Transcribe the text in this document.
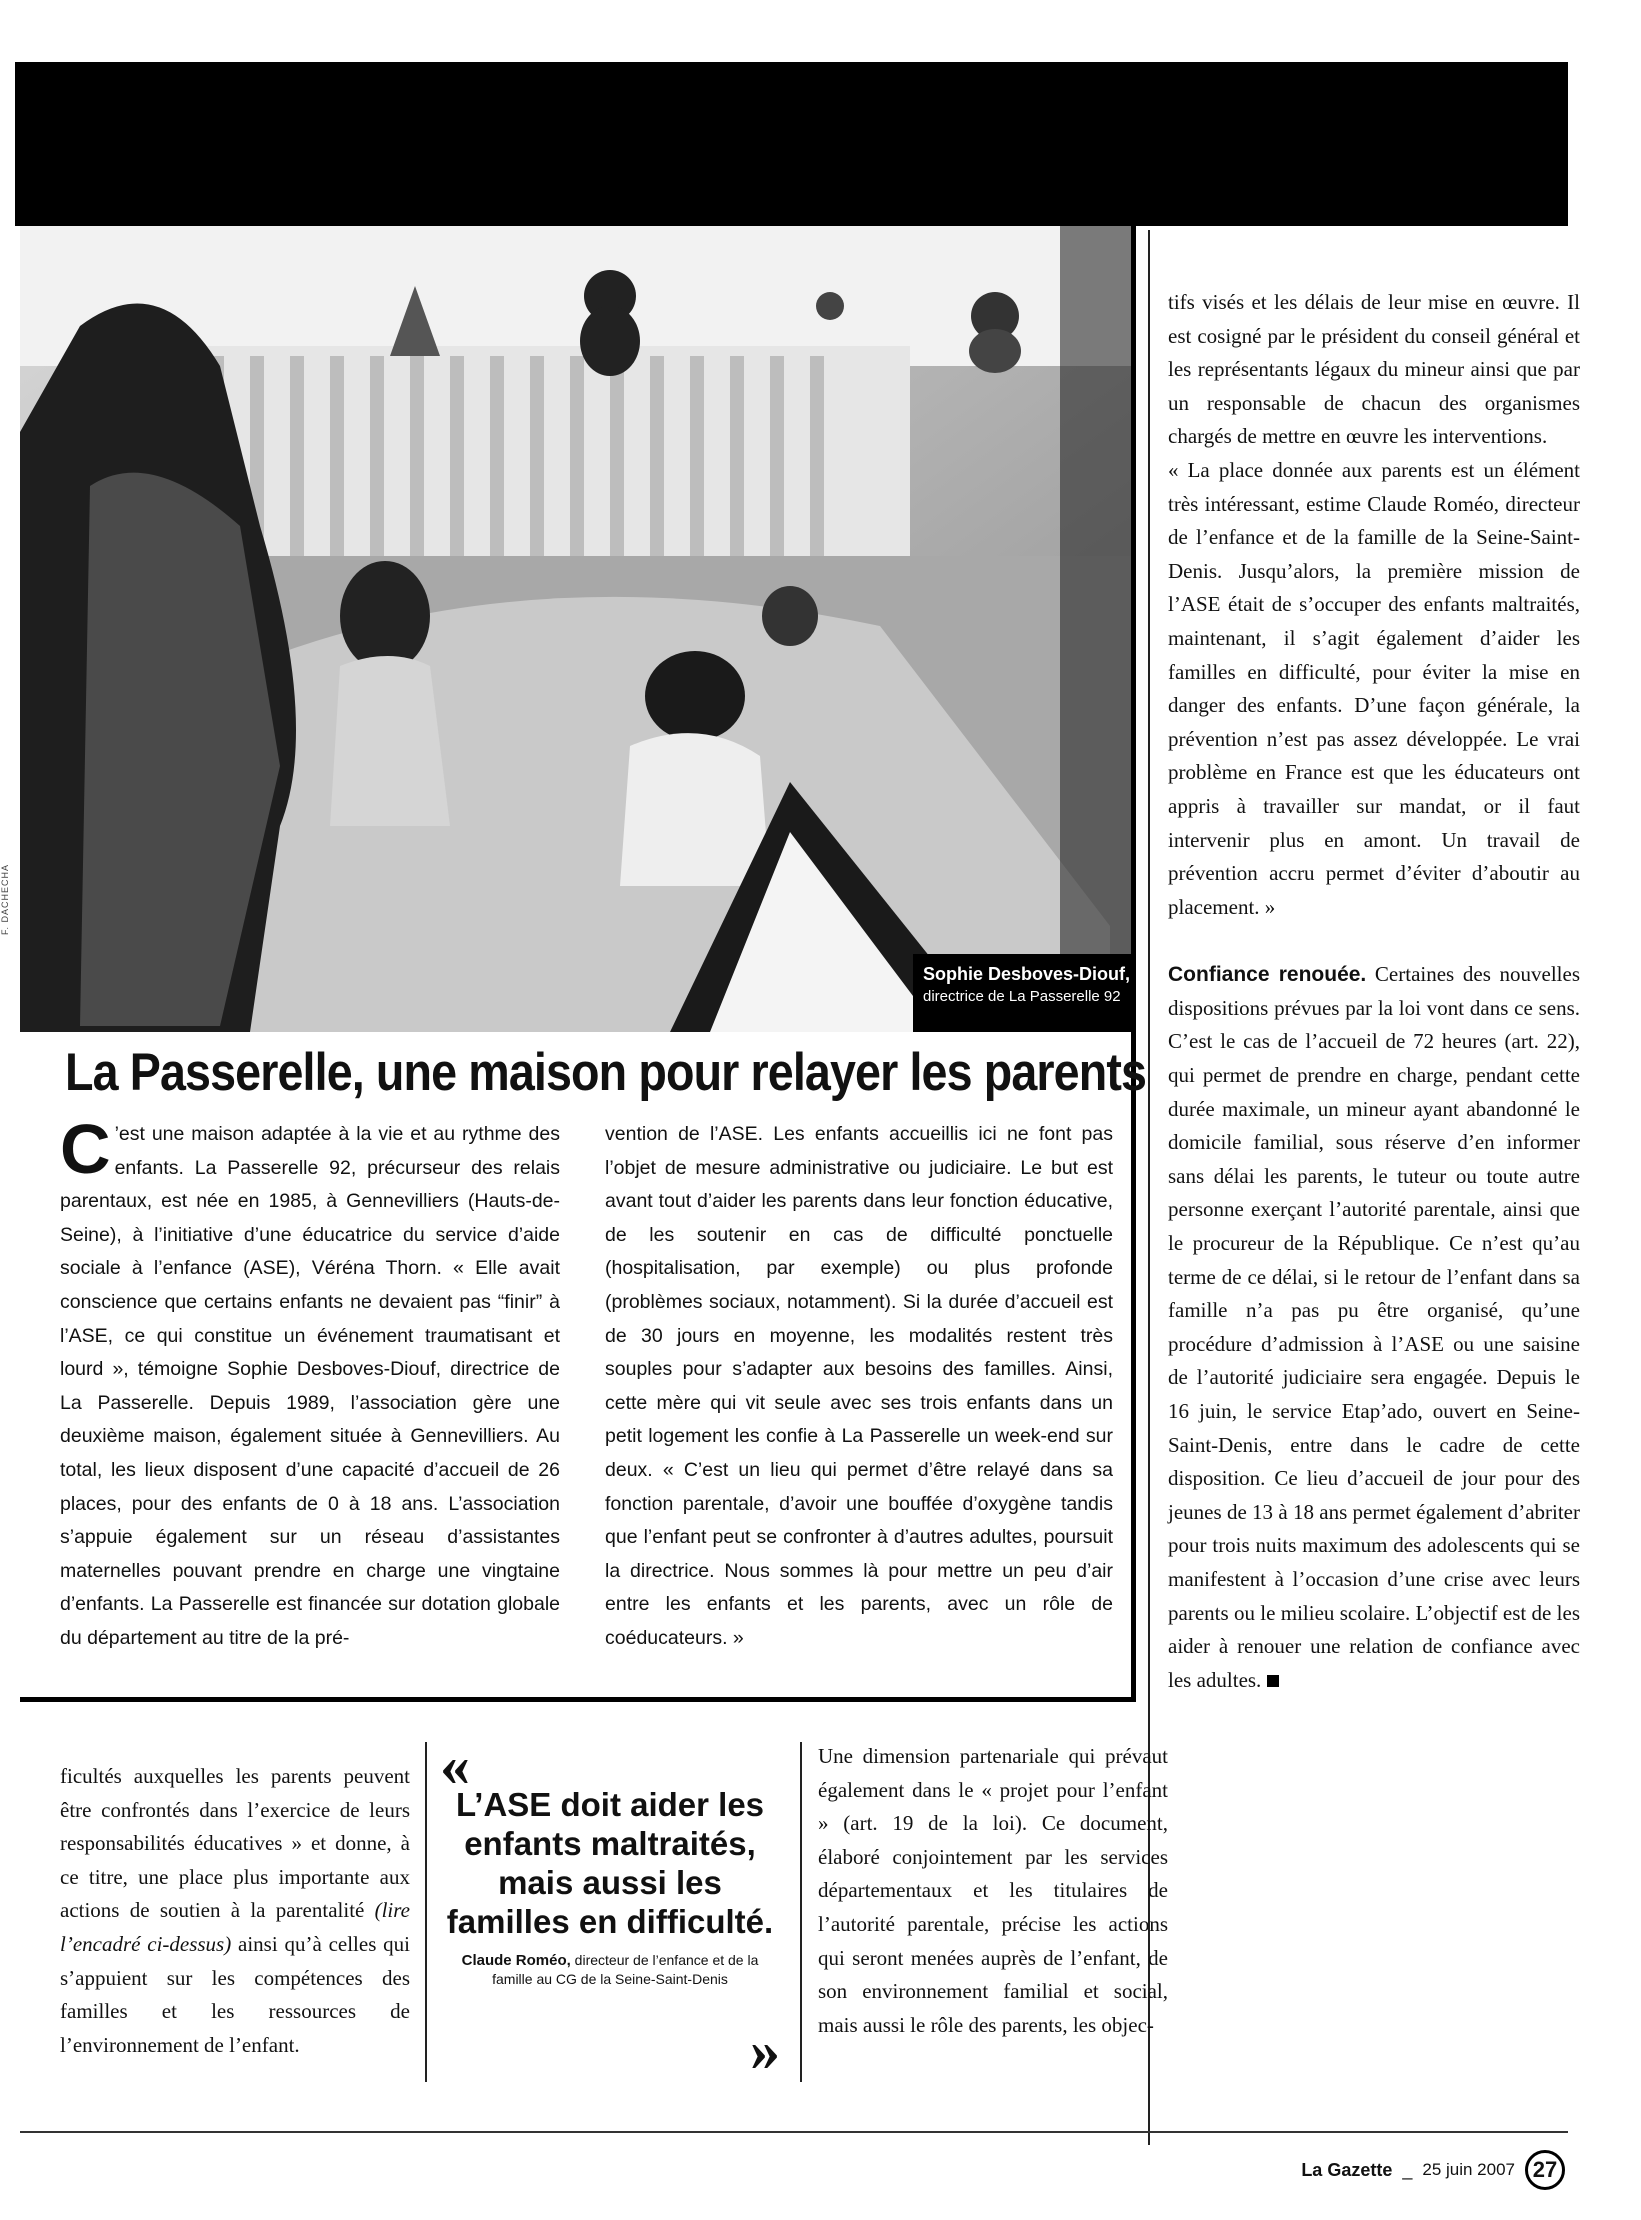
Sophie Desboves-Diouf,
directrice de La Passerelle 92
F. DACHECHA
La Passerelle, une maison pour relayer les parents

C ’est une maison adaptée à la vie et au rythme des enfants. La Passerelle 92, précurseur des relais parentaux, est née en 1985, à Gennevilliers (Hauts-de-Seine), à l’initiative d’une éducatrice du service d’aide sociale à l’enfance (ASE), Véréna Thorn. « Elle avait conscience que certains enfants ne devaient pas “finir” à l’ASE, ce qui constitue un événement traumatisant et lourd », témoigne Sophie Desboves-Diouf, directrice de La Passerelle. Depuis 1989, l’association gère une deuxième maison, également située à Gennevilliers. Au total, les lieux disposent d’une capacité d’accueil de 26 places, pour des enfants de 0 à 18 ans. L’association s’appuie également sur un réseau d’assistantes maternelles pouvant prendre en charge une vingtaine d’enfants. La Passerelle est financée sur dotation globale du département au titre de la pré-

vention de l’ASE. Les enfants accueillis ici ne font pas l’objet de mesure administrative ou judiciaire. Le but est avant tout d’aider les parents dans leur fonction éducative, de les soutenir en cas de difficulté ponctuelle (hospitalisation, par exemple) ou plus profonde (problèmes sociaux, notamment). Si la durée d’accueil est de 30 jours en moyenne, les modalités restent très souples pour s’adapter aux besoins des familles. Ainsi, cette mère qui vit seule avec ses trois enfants dans un petit logement les confie à La Passerelle un week-end sur deux. « C’est un lieu qui permet d’être relayé dans sa fonction parentale, d’avoir une bouffée d’oxygène tandis que l’enfant peut se confronter à d’autres adultes, poursuit la directrice. Nous sommes là pour mettre un peu d’air entre les enfants et les parents, avec un rôle de coéducateurs. »

tifs visés et les délais de leur mise en œuvre. Il est cosigné par le président du conseil général et les représentants légaux du mineur ainsi que par un responsable de chacun des organismes chargés de mettre en œuvre les interventions.

« La place donnée aux parents est un élément très intéressant, estime Claude Roméo, directeur de l’enfance et de la famille de la Seine-Saint-Denis. Jusqu’alors, la première mission de l’ASE était de s’occuper des enfants maltraités, maintenant, il s’agit également d’aider les familles en difficulté, pour éviter la mise en danger des enfants. D’une façon générale, la prévention n’est pas assez développée. Le vrai problème en France est que les éducateurs ont appris à travailler sur mandat, or il faut intervenir plus en amont. Un travail de prévention accru permet d’éviter d’aboutir au placement. »

Confiance renouée. Certaines des nouvelles dispositions prévues par la loi vont dans ce sens. C’est le cas de l’accueil de 72 heures (art. 22), qui permet de prendre en charge, pendant cette durée maximale, un mineur ayant abandonné le domicile familial, sous réserve d’en informer sans délai les parents, le tuteur ou toute autre personne exerçant l’autorité parentale, ainsi que le procureur de la République. Ce n’est qu’au terme de ce délai, si le retour de l’enfant dans sa famille n’a pas pu être organisé, qu’une procédure d’admission à l’ASE ou une saisine de l’autorité judiciaire sera engagée. Depuis le 16 juin, le service Etap’ado, ouvert en Seine-Saint-Denis, entre dans le cadre de cette disposition. Ce lieu d’accueil de jour pour des jeunes de 13 à 18 ans permet également d’abriter pour trois nuits maximum des adolescents qui se manifestent à l’occasion d’une crise avec leurs parents ou le milieu scolaire. L’objectif est de les aider à renouer une relation de confiance avec les adultes.

ficultés auxquelles les parents peuvent être confrontés dans l’exercice de leurs responsabilités éducatives » et donne, à ce titre, une place plus importante aux actions de soutien à la parentalité (lire l’encadré ci-dessus) ainsi qu’à celles qui s’appuient sur les compétences des familles et les ressources de l’environnement de l’enfant.

«
L’ASE doit aider les enfants maltraités, mais aussi les familles en difficulté.
Claude Roméo, directeur de l’enfance et de la famille au CG de la Seine-Saint-Denis
»

Une dimension partenariale qui prévaut également dans le « projet pour l’enfant » (art. 19 de la loi). Ce document, élaboré conjointement par les services départementaux et les titulaires de l’autorité parentale, précise les actions qui seront menées auprès de l’enfant, de son environnement familial et social, mais aussi le rôle des parents, les objec-

La Gazette _ 25 juin 2007 27
